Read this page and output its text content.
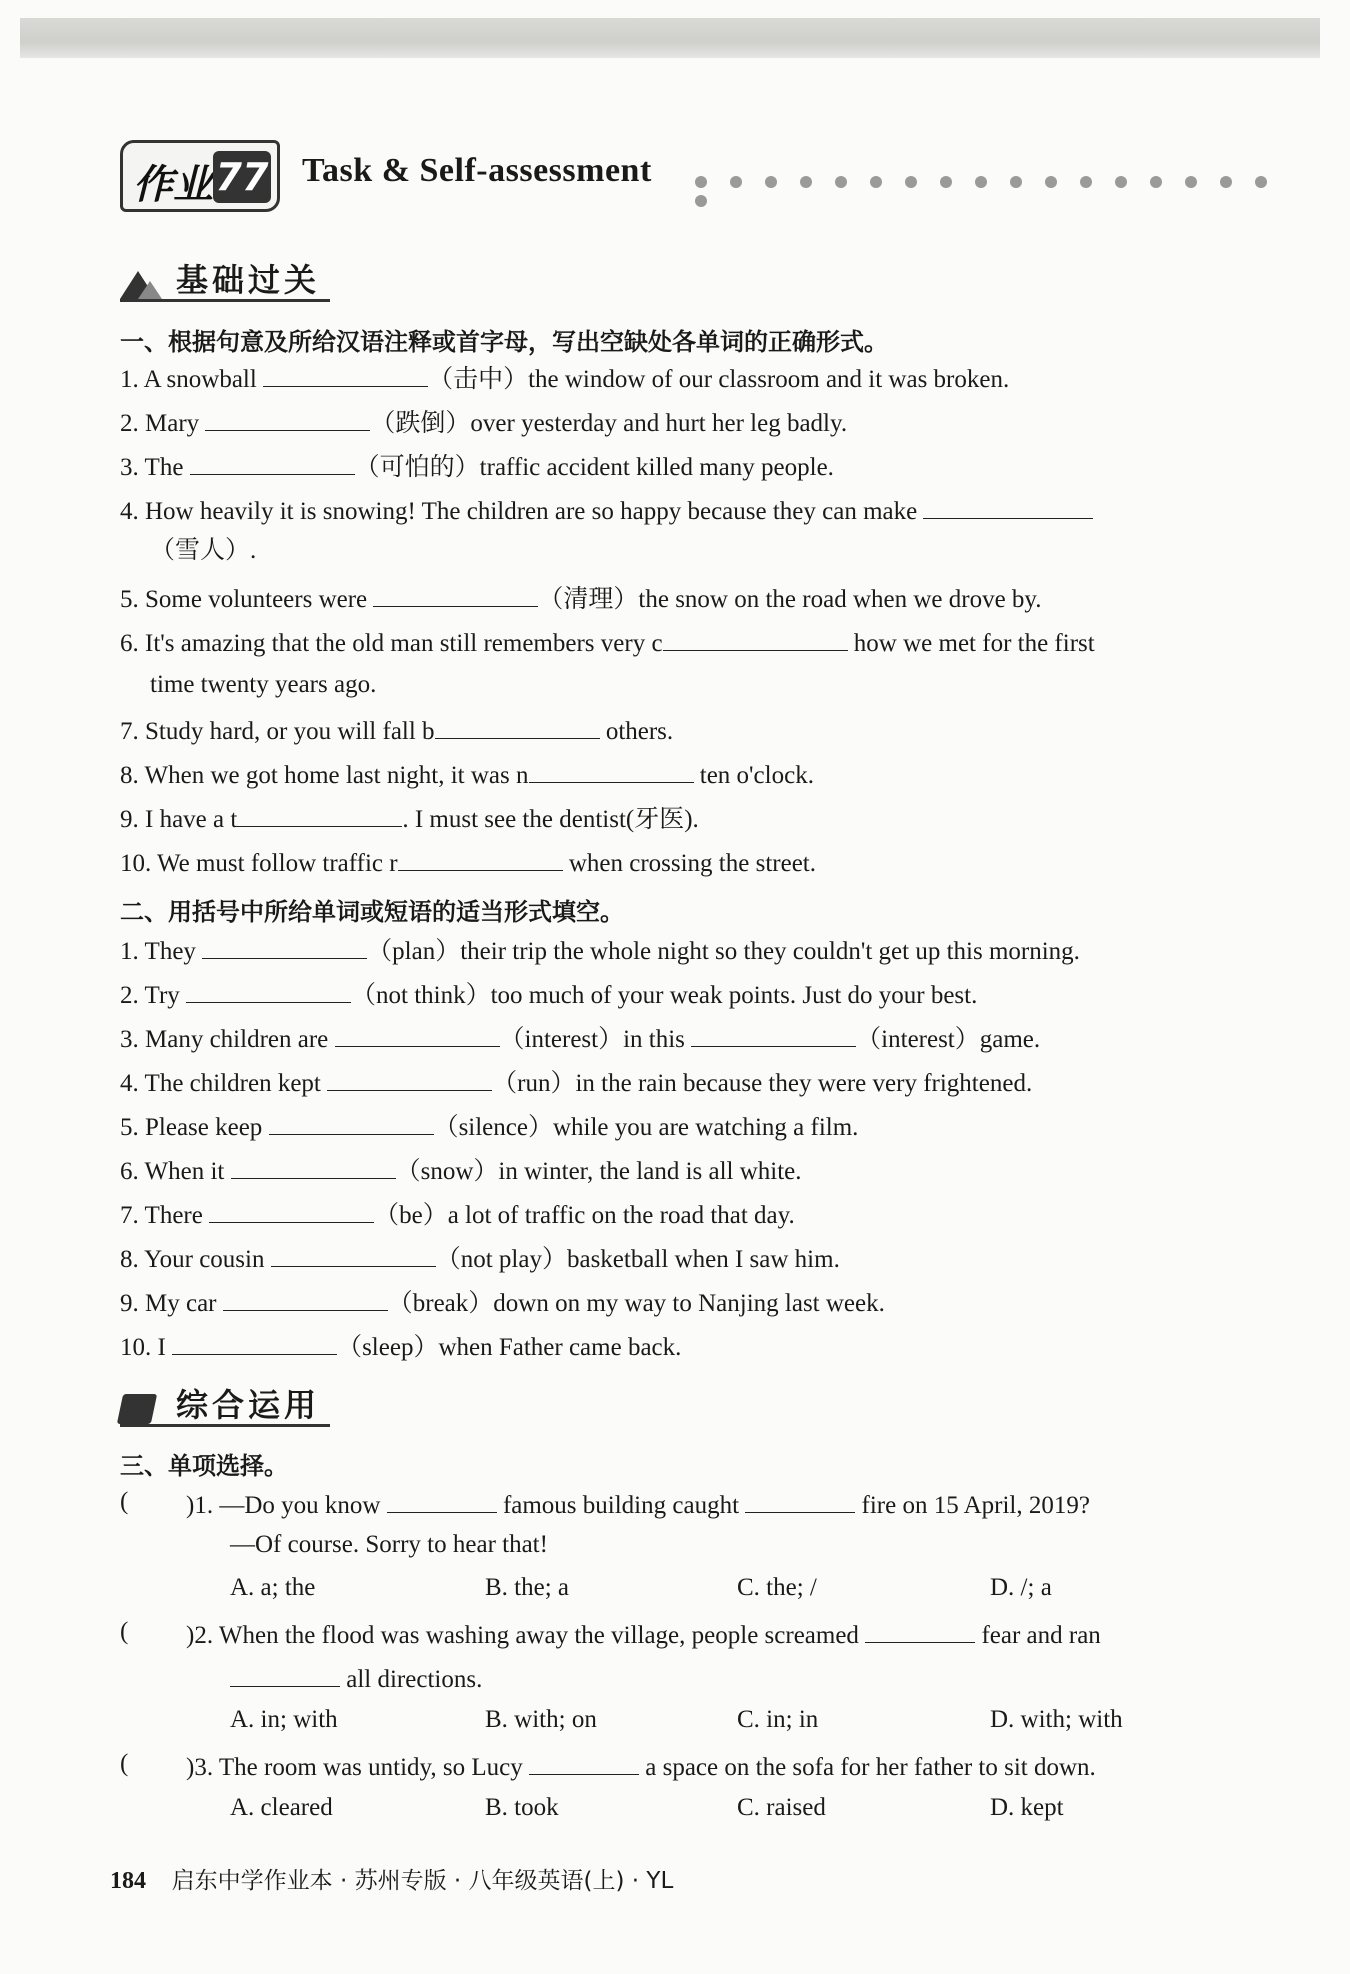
作业 77 Task & Self-assessment
基础过关
一、根据句意及所给汉语注释或首字母，写出空缺处各单词的正确形式。
1. A snowball	（击中）the window of our classroom and it was broken.
2. Mary	（跌倒）over yesterday and hurt her leg badly.
3. The	（可怕的）traffic accident killed many people.
4. How heavily it is snowing! The children are so happy because they can make
（雪人）.
5. Some volunteers were	（清理）the snow on the road when we drove by.
6. It's amazing that the old man still remembers very c	how we met for the first
time twenty years ago.
7. Study hard, or you will fall b	others.
8. When we got home last night, it was n	ten o'clock.
9. I have a t	. I must see the dentist(牙医).
10. We must follow traffic r	when crossing the street.
二、用括号中所给单词或短语的适当形式填空。
1. They	（plan）their trip the whole night so they couldn't get up this morning.
2. Try	（not think）too much of your weak points. Just do your best.
3. Many children are	（interest）in this	（interest）game.
4. The children kept	（run）in the rain because they were very frightened.
5. Please keep	（silence）while you are watching a film.
6. When it	（snow）in winter, the land is all white.
7. There	（be）a lot of traffic on the road that day.
8. Your cousin	（not play）basketball when I saw him.
9. My car	（break）down on my way to Nanjing last week.
10. I	（sleep）when Father came back.
综合运用
三、单项选择。
( )1. —Do you know	famous building caught	fire on 15 April, 2019?
—Of course. Sorry to hear that!
A. a; the	B. the; a	C. the; /	D. /; a
( )2. When the flood was washing away the village, people screamed	fear and ran
all directions.
A. in; with	B. with; on	C. in; in	D. with; with
( )3. The room was untidy, so Lucy	a space on the sofa for her father to sit down.
A. cleared	B. took	C. raised	D. kept
184 启东中学作业本 · 苏州专版 · 八年级英语(上) · YL
